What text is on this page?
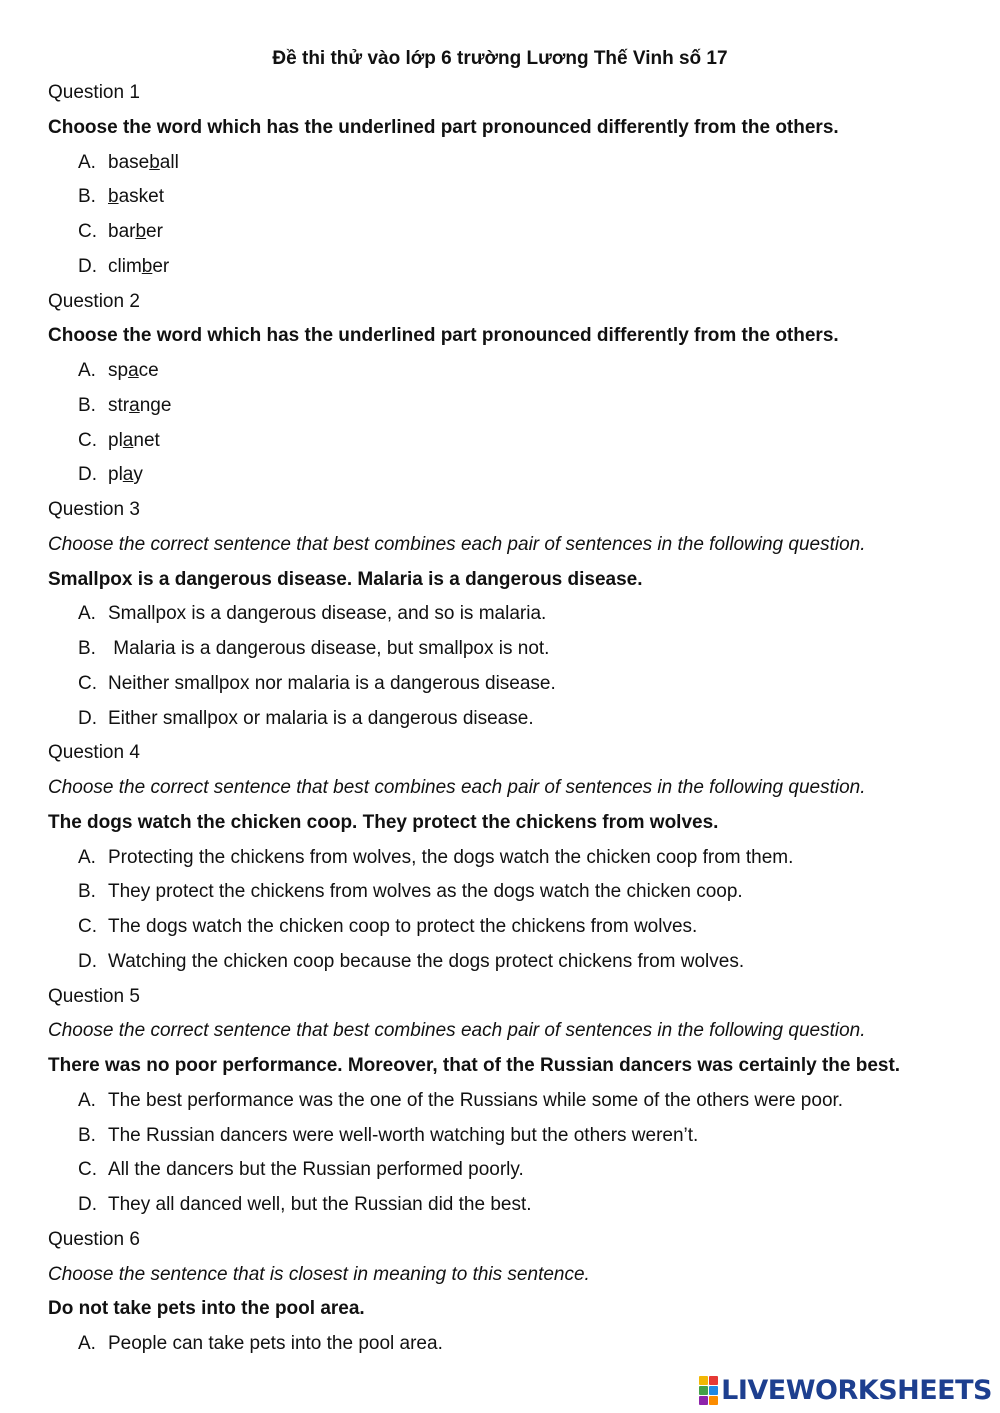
Đề thi thử vào lớp 6 trường Lương Thế Vinh số 17
Question 1
Choose the word which has the underlined part pronounced differently from the others.
A. baseball
B. basket
C. barber
D. climber
Question 2
Choose the word which has the underlined part pronounced differently from the others.
A. space
B. strange
C. planet
D. play
Question 3
Choose the correct sentence that best combines each pair of sentences in the following question.
Smallpox is a dangerous disease. Malaria is a dangerous disease.
A. Smallpox is a dangerous disease, and so is malaria.
B. Malaria is a dangerous disease, but smallpox is not.
C. Neither smallpox nor malaria is a dangerous disease.
D. Either smallpox or malaria is a dangerous disease.
Question 4
Choose the correct sentence that best combines each pair of sentences in the following question.
The dogs watch the chicken coop. They protect the chickens from wolves.
A. Protecting the chickens from wolves, the dogs watch the chicken coop from them.
B. They protect the chickens from wolves as the dogs watch the chicken coop.
C. The dogs watch the chicken coop to protect the chickens from wolves.
D. Watching the chicken coop because the dogs protect chickens from wolves.
Question 5
Choose the correct sentence that best combines each pair of sentences in the following question.
There was no poor performance. Moreover, that of the Russian dancers was certainly the best.
A. The best performance was the one of the Russians while some of the others were poor.
B. The Russian dancers were well-worth watching but the others weren’t.
C. All the dancers but the Russian performed poorly.
D. They all danced well, but the Russian did the best.
Question 6
Choose the sentence that is closest in meaning to this sentence.
Do not take pets into the pool area.
A. People can take pets into the pool area.
LIVEWORKSHEETS
